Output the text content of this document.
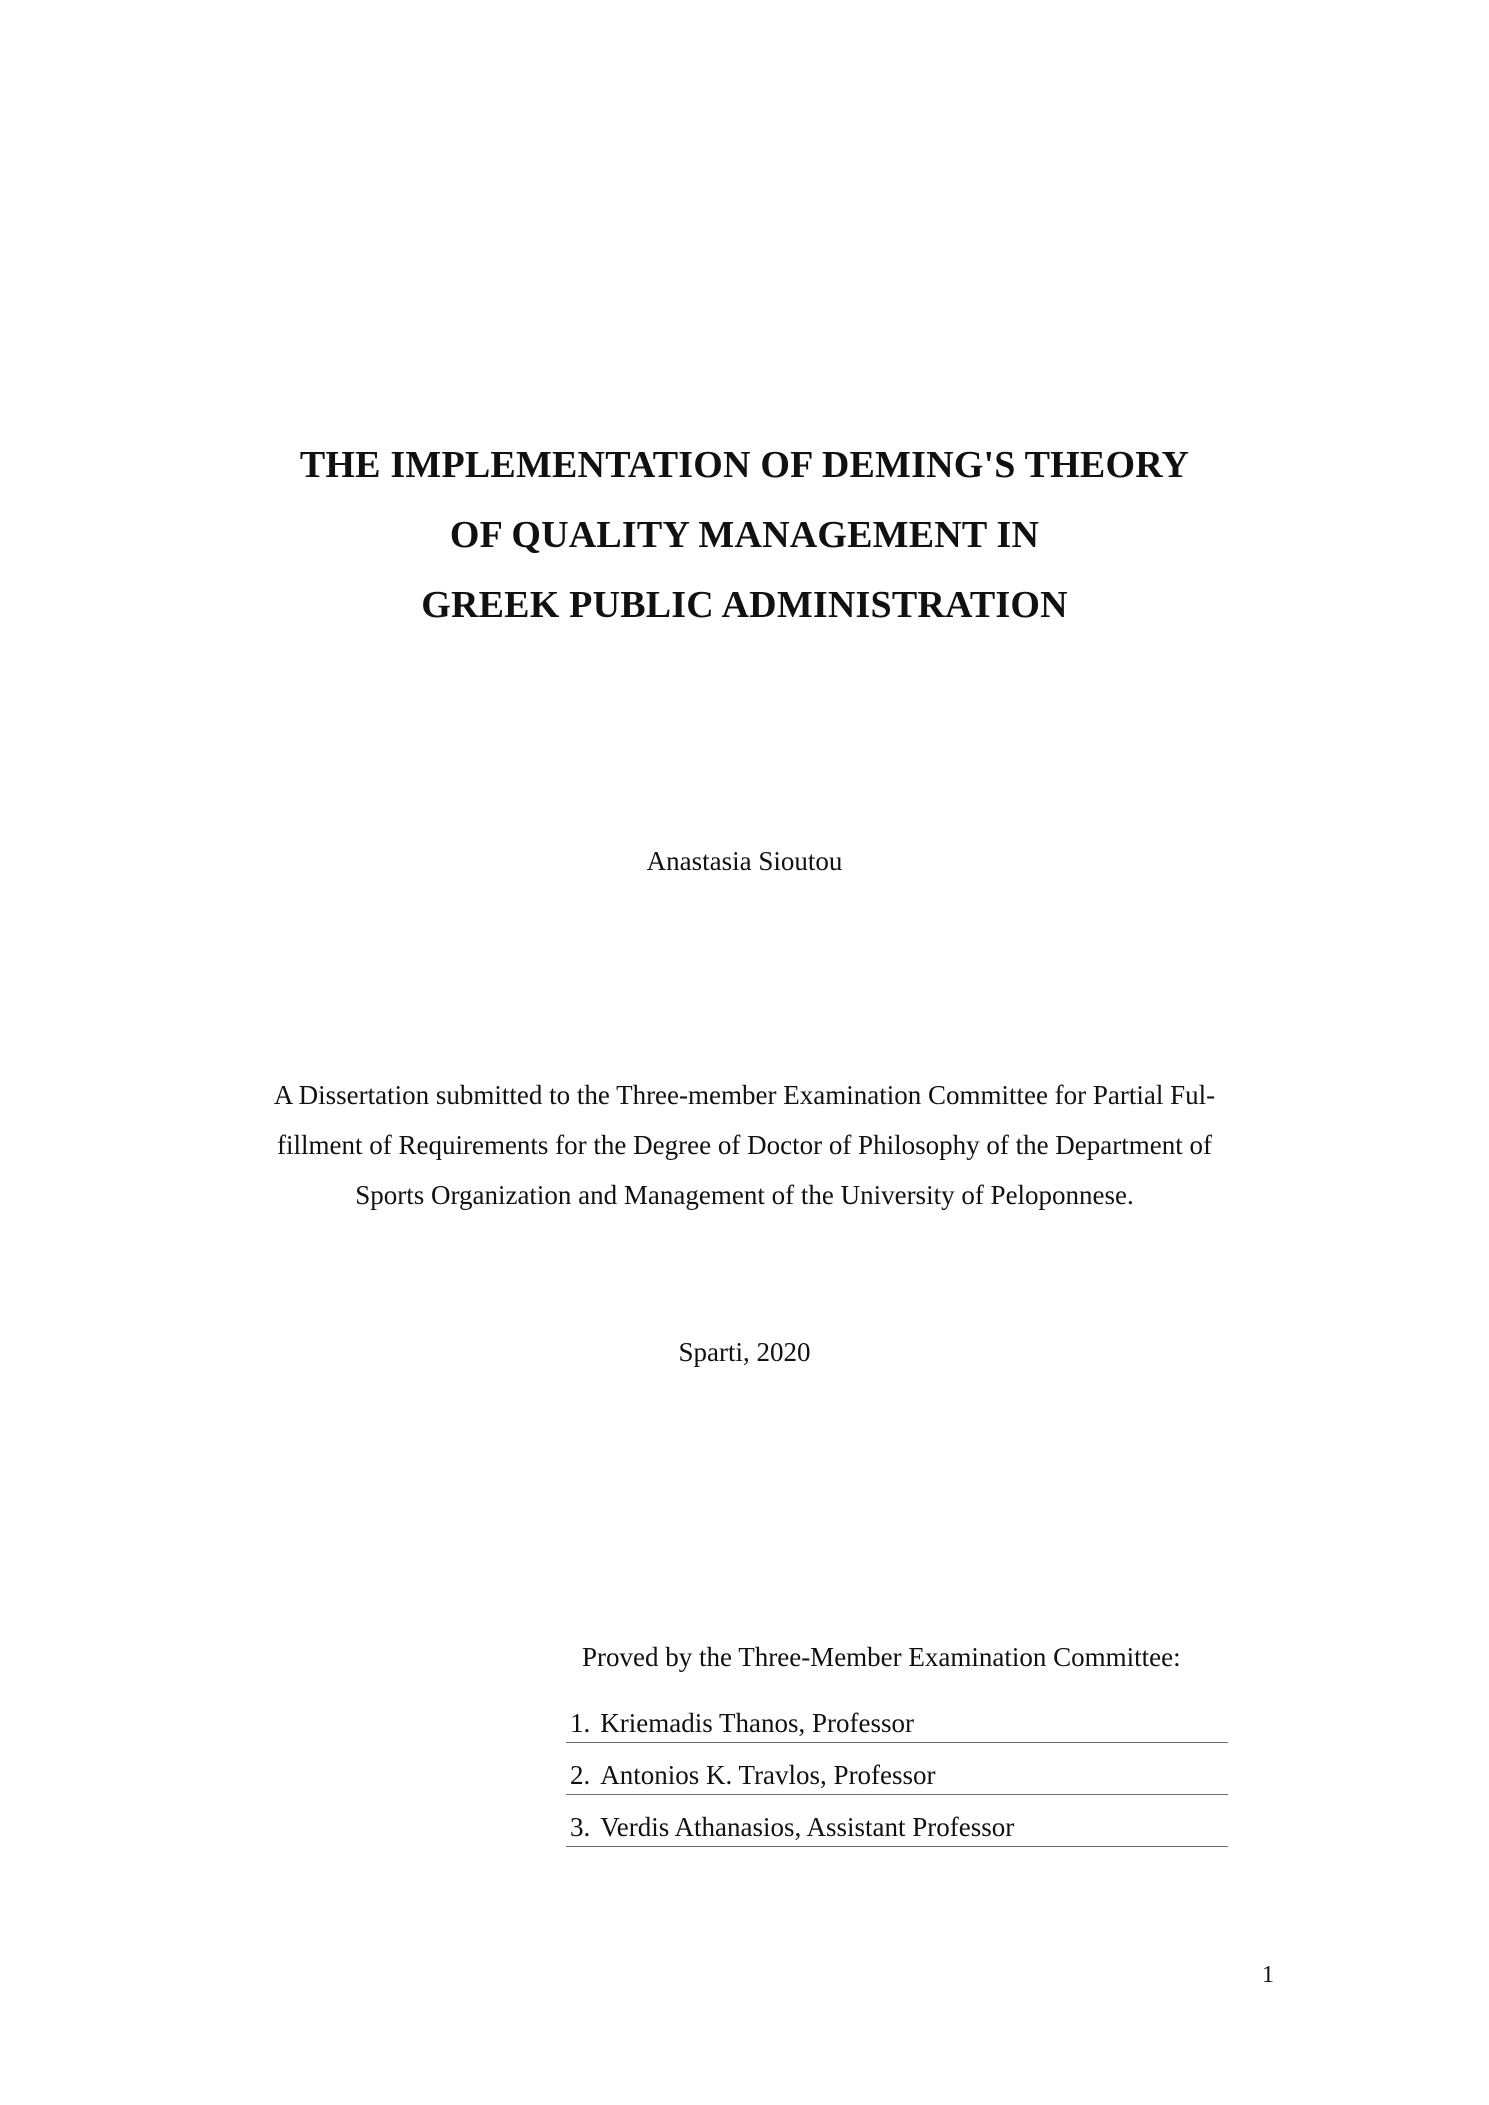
THE IMPLEMENTATION OF DEMING'S THEORY
OF QUALITY MANAGEMENT IN
GREEK PUBLIC ADMINISTRATION
Anastasia Sioutou
A Dissertation submitted to the Three-member Examination Committee for Partial Ful-
fillment of Requirements for the Degree of Doctor of Philosophy of the Department of
Sports Organization and Management of the University of Peloponnese.
Sparti, 2020
Proved by the Three-Member Examination Committee:
1. Kriemadis Thanos, Professor
2. Antonios K. Travlos, Professor
3. Verdis Athanasios, Assistant Professor
1
